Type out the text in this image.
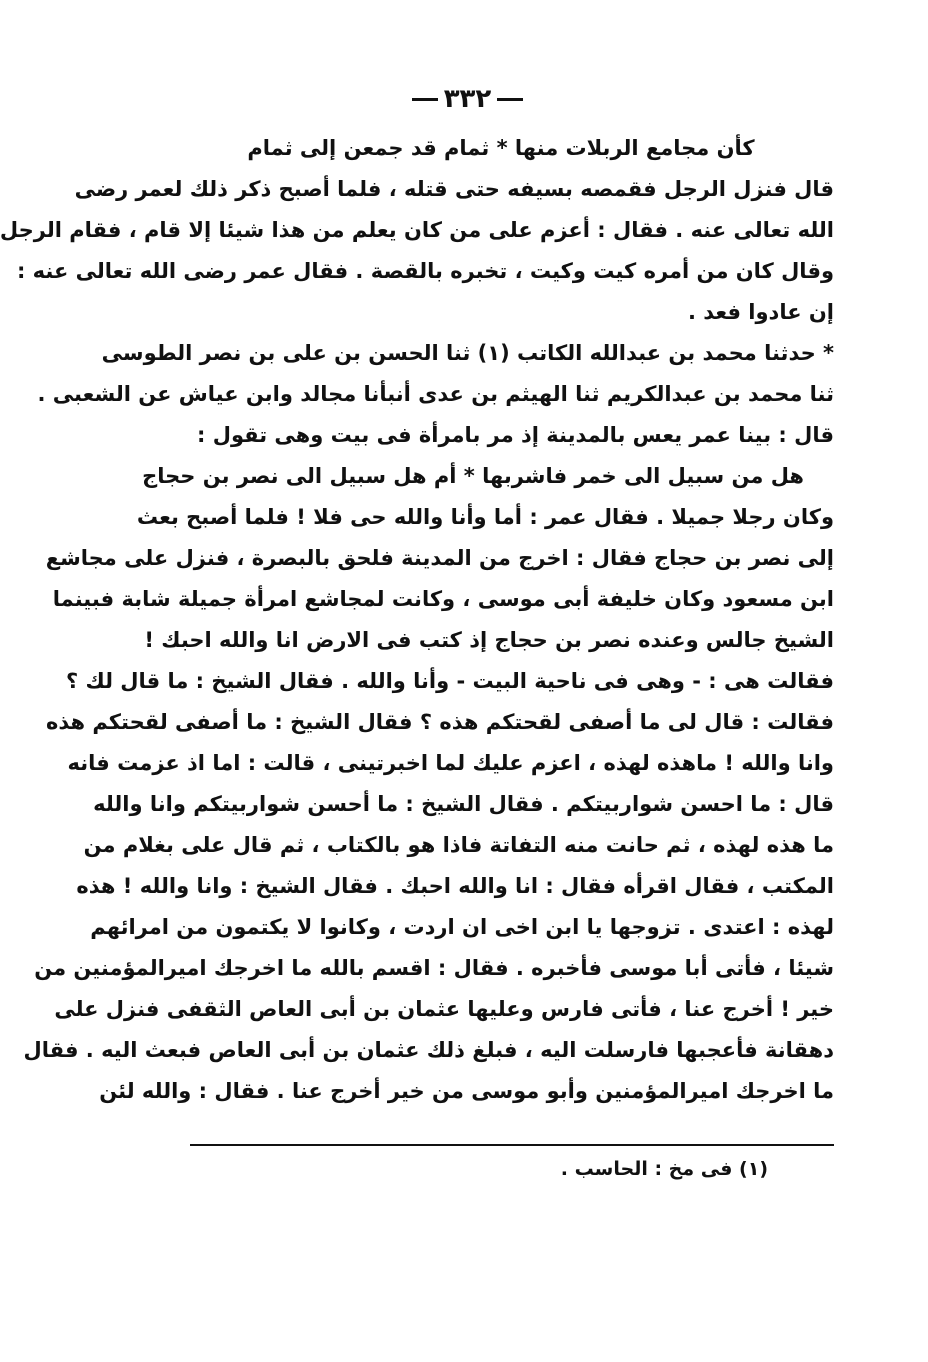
٣٣٢
كأن مجامع الربلات منها * ثمام قد جمعن إلى ثمام
قال فنزل الرجل فقمصه بسيفه حتى قتله ، فلما أصبح ذكر ذلك لعمر رضى
الله تعالى عنه . فقال : أعزم على من كان يعلم من هذا شيئا إلا قام ، فقام الرجل
وقال كان من أمره كيت وكيت ، تخبره بالقصة . فقال عمر رضى الله تعالى عنه :
إن عادوا فعد .
* حدثنا محمد بن عبدالله الكاتب (١) ثنا الحسن بن على بن نصر الطوسى
ثنا محمد بن عبدالكريم ثنا الهيثم بن عدى أنبأنا مجالد وابن عياش عن الشعبى .
قال : بينا عمر يعس بالمدينة إذ مر بامرأة فى بيت وهى تقول :
هل من سبيل الى خمر فاشربها * أم هل سبيل الى نصر بن حجاج
وكان رجلا جميلا . فقال عمر : أما وأنا والله حى فلا ! فلما أصبح بعث
إلى نصر بن حجاج فقال : اخرج من المدينة فلحق بالبصرة ، فنزل على مجاشع
ابن مسعود وكان خليفة أبى موسى ، وكانت لمجاشع امرأة جميلة شابة فبينما
الشيخ جالس وعنده نصر بن حجاج إذ كتب فى الارض انا والله احبك !
فقالت هى : - وهى فى ناحية البيت - وأنا والله . فقال الشيخ : ما قال لك ؟
فقالت : قال لى ما أصفى لقحتكم هذه ؟ فقال الشيخ : ما أصفى لقحتكم هذه
وانا والله ! ماهذه لهذه ، اعزم عليك لما اخبرتينى ، قالت : اما اذ عزمت فانه
قال : ما احسن شواربيتكم . فقال الشيخ : ما أحسن شواربيتكم وانا والله
ما هذه لهذه ، ثم حانت منه التفاتة فاذا هو بالكتاب ، ثم قال على بغلام من
المكتب ، فقال اقرأه فقال : انا والله احبك . فقال الشيخ : وانا والله ! هذه
لهذه : اعتدى . تزوجها يا ابن اخى ان اردت ، وكانوا لا يكتمون من امرائهم
شيئا ، فأتى أبا موسى فأخبره . فقال : اقسم بالله ما اخرجك اميرالمؤمنين من
خير ! أخرج عنا ، فأتى فارس وعليها عثمان بن أبى العاص الثقفى فنزل على
دهقانة فأعجبها فارسلت اليه ، فبلغ ذلك عثمان بن أبى العاص فبعث اليه . فقال
ما اخرجك اميرالمؤمنين وأبو موسى من خير أخرج عنا . فقال : والله لئن
(١) فى مخ : الحاسب .
